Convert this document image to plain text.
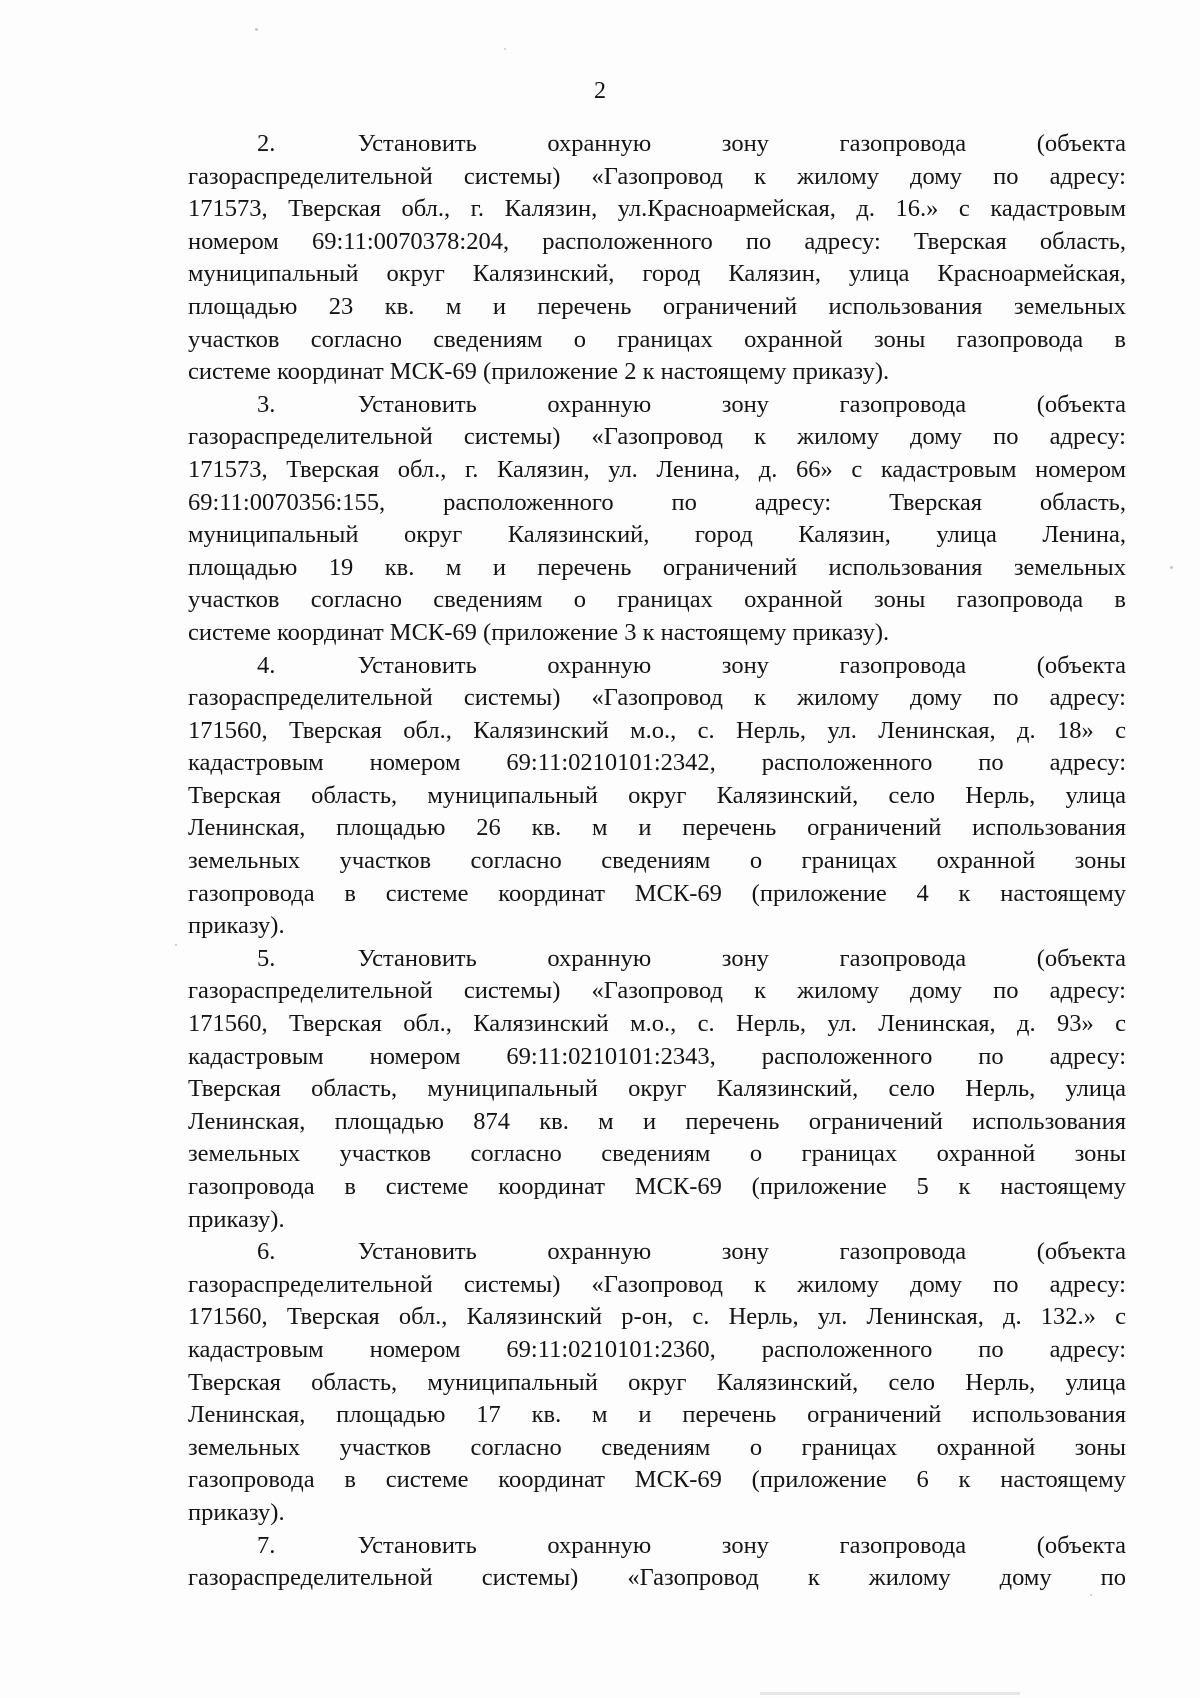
2

2.       Установить      охранную      зону      газопровода      (объекта
газораспределительной системы) «Газопровод к жилому дому по адресу:
171573, Тверская обл., г. Калязин, ул.Красноармейская, д. 16.» с кадастровым
номером 69:11:0070378:204, расположенного по адресу: Тверская область,
муниципальный округ Калязинский, город Калязин, улица Красноармейская,
площадью 23 кв. м и перечень ограничений использования земельных
участков согласно сведениям о границах охранной зоны газопровода в
системе координат МСК-69 (приложение 2 к настоящему приказу).

3.       Установить      охранную      зону      газопровода      (объекта
газораспределительной системы) «Газопровод к жилому дому по адресу:
171573, Тверская обл., г. Калязин, ул. Ленина, д. 66» с кадастровым номером
69:11:0070356:155, расположенного по адресу: Тверская область,
муниципальный округ Калязинский, город Калязин, улица Ленина,
площадью 19 кв. м и перечень ограничений использования земельных
участков согласно сведениям о границах охранной зоны газопровода в
системе координат МСК-69 (приложение 3 к настоящему приказу).

4.       Установить      охранную      зону      газопровода      (объекта
газораспределительной системы) «Газопровод к жилому дому по адресу:
171560, Тверская обл., Калязинский м.о., с. Нерль, ул. Ленинская, д. 18» с
кадастровым номером 69:11:0210101:2342, расположенного по адресу:
Тверская область, муниципальный округ Калязинский, село Нерль, улица
Ленинская, площадью 26 кв. м и перечень ограничений использования
земельных участков согласно сведениям о границах охранной зоны
газопровода в системе координат МСК-69 (приложение 4 к настоящему
приказу).

5.       Установить      охранную      зону      газопровода      (объекта
газораспределительной системы) «Газопровод к жилому дому по адресу:
171560, Тверская обл., Калязинский м.о., с. Нерль, ул. Ленинская, д. 93» с
кадастровым номером 69:11:0210101:2343, расположенного по адресу:
Тверская область, муниципальный округ Калязинский, село Нерль, улица
Ленинская, площадью 874 кв. м и перечень ограничений использования
земельных участков согласно сведениям о границах охранной зоны
газопровода в системе координат МСК-69 (приложение 5 к настоящему
приказу).

6.       Установить      охранную      зону      газопровода      (объекта
газораспределительной системы) «Газопровод к жилому дому по адресу:
171560, Тверская обл., Калязинский р-он, с. Нерль, ул. Ленинская, д. 132.» с
кадастровым номером 69:11:0210101:2360, расположенного по адресу:
Тверская область, муниципальный округ Калязинский, село Нерль, улица
Ленинская, площадью 17 кв. м и перечень ограничений использования
земельных участков согласно сведениям о границах охранной зоны
газопровода в системе координат МСК-69 (приложение 6 к настоящему
приказу).

7.       Установить      охранную      зону      газопровода      (объекта
газораспределительной системы) «Газопровод к жилому дому по
